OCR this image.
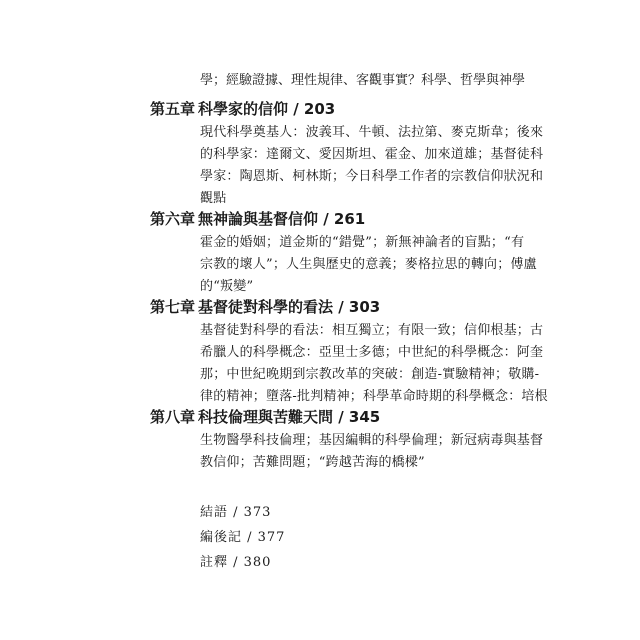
學；經驗證據、理性規律、客觀事實？科學、哲學與神學
第五章 科學家的信仰 / 203
現代科學奠基人：波義耳、牛頓、法拉第、麥克斯韋；後來
的科學家：達爾文、愛因斯坦、霍金、加來道雄；基督徒科
學家：陶恩斯、柯林斯；今日科學工作者的宗教信仰狀況和
觀點
第六章 無神論與基督信仰 / 261
霍金的婚姻；道金斯的“錯覺”；新無神論者的盲點；“有
宗教的壞人”；人生與歷史的意義；麥格拉思的轉向；傅盧
的“叛變”
第七章 基督徒對科學的看法 / 303
基督徒對科學的看法：相互獨立；有限一致；信仰根基；古
希臘人的科學概念：亞里士多德；中世紀的科學概念：阿奎
那；中世紀晚期到宗教改革的突破：創造-實驗精神；敬購-
律的精神；墮落-批判精神；科學革命時期的科學概念：培根
第八章 科技倫理與苦難天問 / 345
生物醫學科技倫理；基因編輯的科學倫理；新冠病毒與基督
教信仰；苦難問題；“跨越苦海的橋樑”
結語 / 373
編後記 / 377
註釋 / 380
